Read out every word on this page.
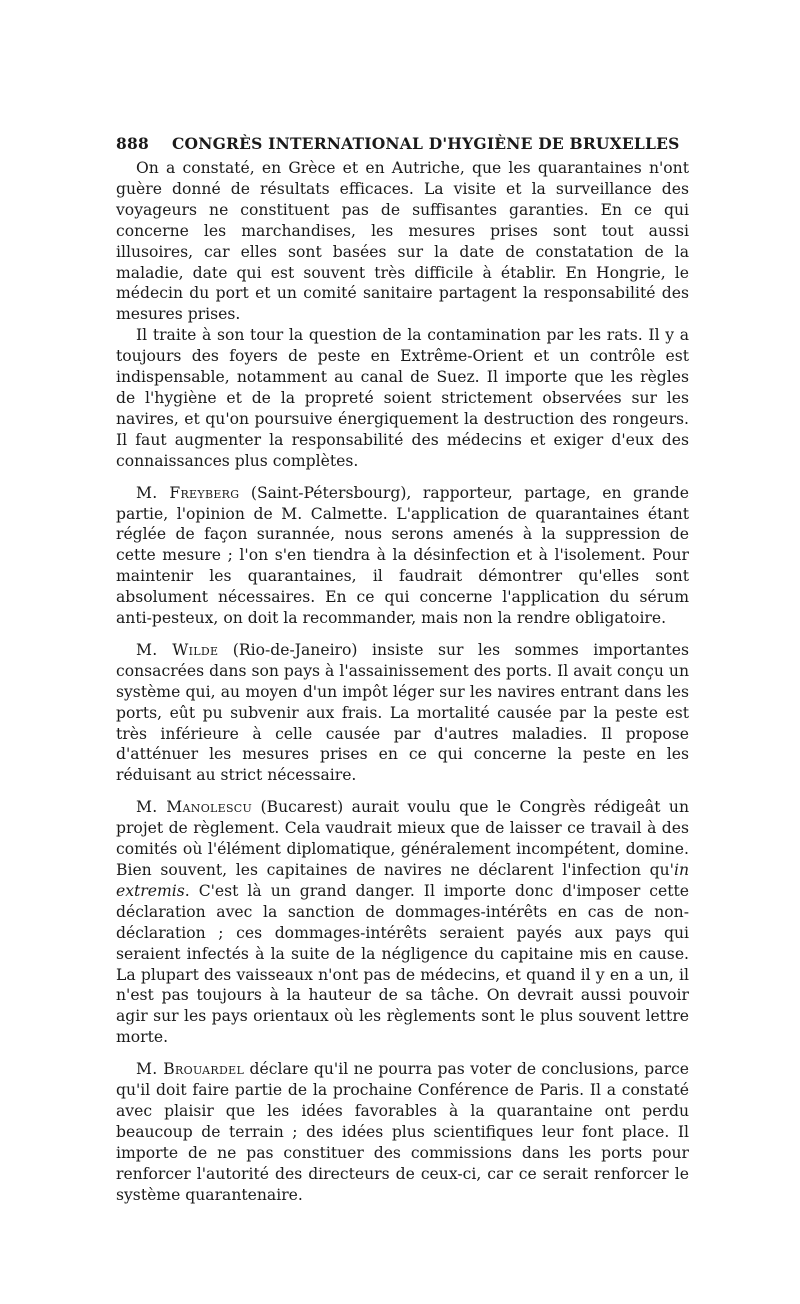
888	CONGRÈS INTERNATIONAL D'HYGIÈNE DE BRUXELLES

On a constaté, en Grèce et en Autriche, que les quarantaines n'ont guère donné de résultats efficaces. La visite et la surveillance des voyageurs ne constituent pas de suffisantes garanties. En ce qui concerne les marchandises, les mesures prises sont tout aussi illusoires, car elles sont basées sur la date de constatation de la maladie, date qui est souvent très difficile à établir. En Hongrie, le médecin du port et un comité sanitaire partagent la responsabilité des mesures prises.

Il traite à son tour la question de la contamination par les rats. Il y a toujours des foyers de peste en Extrême-Orient et un contrôle est indispensable, notamment au canal de Suez. Il importe que les règles de l'hygiène et de la propreté soient strictement observées sur les navires, et qu'on poursuive énergiquement la destruction des rongeurs. Il faut augmenter la responsabilité des médecins et exiger d'eux des connaissances plus complètes.

M. Freyberg (Saint-Pétersbourg), rapporteur, partage, en grande partie, l'opinion de M. Calmette. L'application de quarantaines étant réglée de façon surannée, nous serons amenés à la suppression de cette mesure ; l'on s'en tiendra à la désinfection et à l'isolement. Pour maintenir les quarantaines, il faudrait démontrer qu'elles sont absolument nécessaires. En ce qui concerne l'application du sérum anti-pesteux, on doit la recommander, mais non la rendre obligatoire.

M. Wilde (Rio-de-Janeiro) insiste sur les sommes importantes consacrées dans son pays à l'assainissement des ports. Il avait conçu un système qui, au moyen d'un impôt léger sur les navires entrant dans les ports, eût pu subvenir aux frais. La mortalité causée par la peste est très inférieure à celle causée par d'autres maladies. Il propose d'atténuer les mesures prises en ce qui concerne la peste en les réduisant au strict nécessaire.

M. Manolescu (Bucarest) aurait voulu que le Congrès rédigeât un projet de règlement. Cela vaudrait mieux que de laisser ce travail à des comités où l'élément diplomatique, généralement incompétent, domine. Bien souvent, les capitaines de navires ne déclarent l'infection qu'in extremis. C'est là un grand danger. Il importe donc d'imposer cette déclaration avec la sanction de dommages-intérêts en cas de non-déclaration ; ces dommages-intérêts seraient payés aux pays qui seraient infectés à la suite de la négligence du capitaine mis en cause. La plupart des vaisseaux n'ont pas de médecins, et quand il y en a un, il n'est pas toujours à la hauteur de sa tâche. On devrait aussi pouvoir agir sur les pays orientaux où les règlements sont le plus souvent lettre morte.

M. Brouardel déclare qu'il ne pourra pas voter de conclusions, parce qu'il doit faire partie de la prochaine Conférence de Paris. Il a constaté avec plaisir que les idées favorables à la quarantaine ont perdu beaucoup de terrain ; des idées plus scientifiques leur font place. Il importe de ne pas constituer des commissions dans les ports pour renforcer l'autorité des directeurs de ceux-ci, car ce serait renforcer le système quarantenaire.
